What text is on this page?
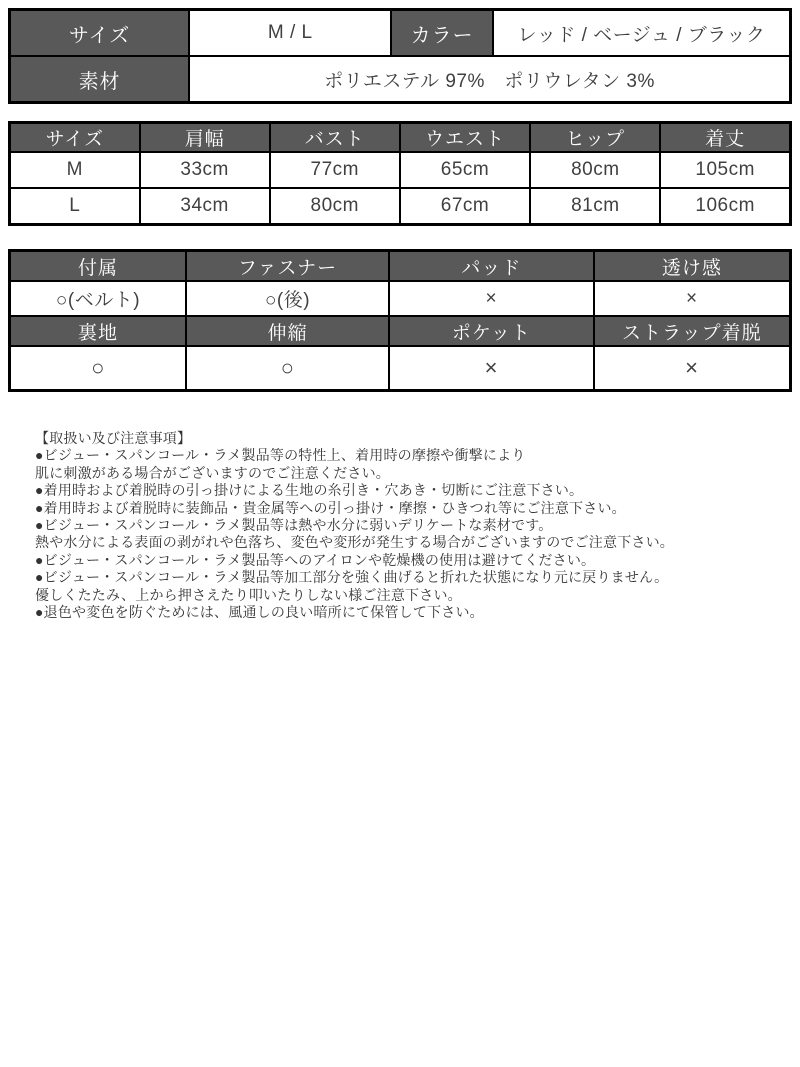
サイズ	M / L	カラー	レッド / ベージュ / ブラック
素材	ポリエステル 97%　ポリウレタン 3%		
サイズ	肩幅	バスト	ウエスト	ヒップ	着丈
M	33cm	77cm	65cm	80cm	105cm
L	34cm	80cm	67cm	81cm	106cm
付属	ファスナー	パッド	透け感
○(ベルト)	○(後)	×	×
裏地	伸縮	ポケット	ストラップ着脱
○	○	×	×
【取扱い及び注意事項】
●ビジュー・スパンコール・ラメ製品等の特性上、着用時の摩擦や衝撃により
肌に刺激がある場合がございますのでご注意ください。
●着用時および着脱時の引っ掛けによる生地の糸引き・穴あき・切断にご注意下さい。
●着用時および着脱時に装飾品・貴金属等への引っ掛け・摩擦・ひきつれ等にご注意下さい。
●ビジュー・スパンコール・ラメ製品等は熱や水分に弱いデリケートな素材です。
熱や水分による表面の剥がれや色落ち、変色や変形が発生する場合がございますのでご注意下さい。
●ビジュー・スパンコール・ラメ製品等へのアイロンや乾燥機の使用は避けてください。
●ビジュー・スパンコール・ラメ製品等加工部分を強く曲げると折れた状態になり元に戻りません。
優しくたたみ、上から押さえたり叩いたりしない様ご注意下さい。
●退色や変色を防ぐためには、風通しの良い暗所にて保管して下さい。
